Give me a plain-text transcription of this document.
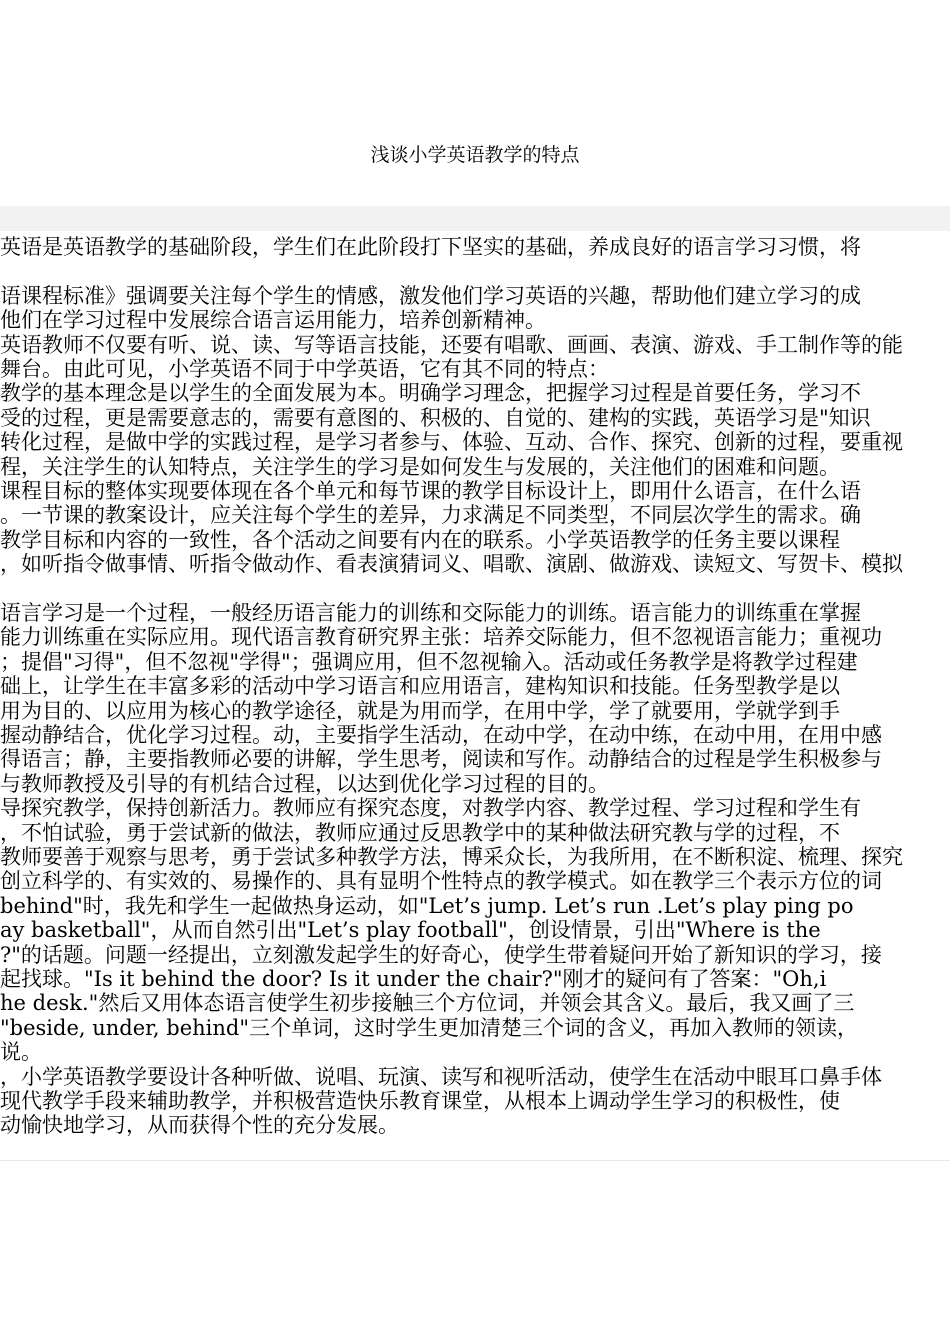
浅谈小学英语教学的特点
英语是英语教学的基础阶段，学生们在此阶段打下坚实的基础，养成良好的语言学习习惯，将
语课程标准》强调要关注每个学生的情感，激发他们学习英语的兴趣，帮助他们建立学习的成
他们在学习过程中发展综合语言运用能力，培养创新精神。
英语教师不仅要有听、说、读、写等语言技能，还要有唱歌、画画、表演、游戏、手工制作等的能
舞台。由此可见，小学英语不同于中学英语，它有其不同的特点：
教学的基本理念是以学生的全面发展为本。明确学习理念，把握学习过程是首要任务，学习不
受的过程，更是需要意志的，需要有意图的、积极的、自觉的、建构的实践，英语学习是"知识
转化过程，是做中学的实践过程，是学习者参与、体验、互动、合作、探究、创新的过程，要重视
程，关注学生的认知特点，关注学生的学习是如何发生与发展的，关注他们的困难和问题。
课程目标的整体实现要体现在各个单元和每节课的教学目标设计上，即用什么语言，在什么语
。一节课的教案设计，应关注每个学生的差异，力求满足不同类型，不同层次学生的需求。确
教学目标和内容的一致性，各个活动之间要有内在的联系。小学英语教学的任务主要以课程
，如听指令做事情、听指令做动作、看表演猜词义、唱歌、演剧、做游戏、读短文、写贺卡、模拟
语言学习是一个过程，一般经历语言能力的训练和交际能力的训练。语言能力的训练重在掌握
能力训练重在实际应用。现代语言教育研究界主张：培养交际能力，但不忽视语言能力；重视功
；提倡"习得"，但不忽视"学得"；强调应用，但不忽视输入。活动或任务教学是将教学过程建
础上，让学生在丰富多彩的活动中学习语言和应用语言，建构知识和技能。任务型教学是以
用为目的、以应用为核心的教学途径，就是为用而学，在用中学，学了就要用，学就学到手
握动静结合，优化学习过程。动，主要指学生活动，在动中学，在动中练，在动中用，在用中感
得语言；静，主要指教师必要的讲解，学生思考，阅读和写作。动静结合的过程是学生积极参与
与教师教授及引导的有机结合过程，以达到优化学习过程的目的。
导探究教学，保持创新活力。教师应有探究态度，对教学内容、教学过程、学习过程和学生有
，不怕试验，勇于尝试新的做法，教师应通过反思教学中的某种做法研究教与学的过程，不
教师要善于观察与思考，勇于尝试多种教学方法，博采众长，为我所用，在不断积淀、梳理、探究
创立科学的、有实效的、易操作的、具有显明个性特点的教学模式。如在教学三个表示方位的词
behind"时，我先和学生一起做热身运动，如"Let’s jump. Let’s run .Let’s play ping po
ay basketball"，从而自然引出"Let’s play football"，创设情景，引出"Where is the
?"的话题。问题一经提出，立刻激发起学生的好奇心，使学生带着疑问开始了新知识的学习，接
起找球。"Is it behind the door? Is it under the chair?"刚才的疑问有了答案："Oh,i
he desk."然后又用体态语言使学生初步接触三个方位词，并领会其含义。最后，我又画了三
"beside, under, behind"三个单词，这时学生更加清楚三个词的含义，再加入教师的领读，
说。
，小学英语教学要设计各种听做、说唱、玩演、读写和视听活动，使学生在活动中眼耳口鼻手体
现代教学手段来辅助教学，并积极营造快乐教育课堂，从根本上调动学生学习的积极性，使
动愉快地学习，从而获得个性的充分发展。
